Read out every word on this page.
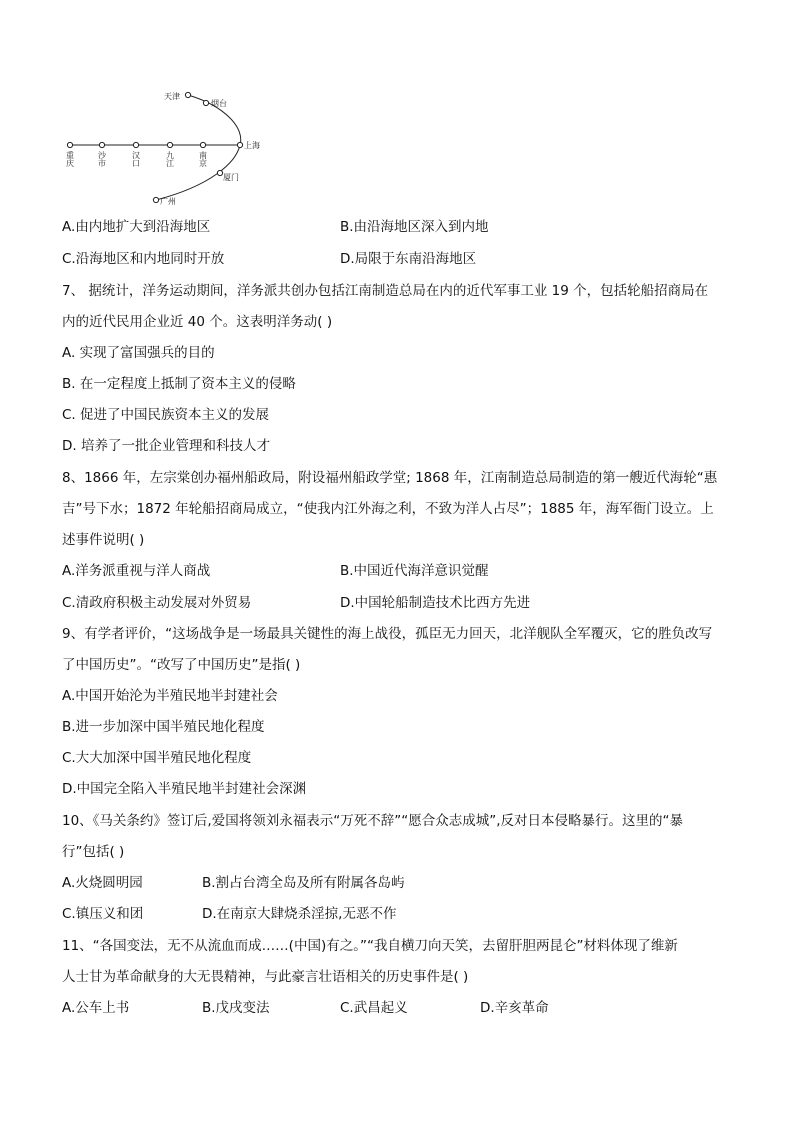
天津
烟台
上海
厦门
广州
重庆	沙市	汉口	九江	南京
A.由内地扩大到沿海地区	B.由沿海地区深入到内地
C.沿海地区和内地同时开放	D.局限于东南沿海地区
7、 据统计，洋务运动期间，洋务派共创办包括江南制造总局在内的近代军事工业 19 个，包括轮船招商局在
内的近代民用企业近 40 个。这表明洋务动( )
A. 实现了富国强兵的目的
B. 在一定程度上抵制了资本主义的侵略
C. 促进了中国民族资本主义的发展
D. 培养了一批企业管理和科技人才
8、1866 年，左宗棠创办福州船政局，附设福州船政学堂; 1868 年，江南制造总局制造的第一艘近代海轮“惠
吉”号下水；1872 年轮船招商局成立，“使我内江外海之利，不致为洋人占尽”；1885 年，海军衙门设立。上
述事件说明( )
A.洋务派重视与洋人商战	B.中国近代海洋意识觉醒
C.清政府积极主动发展对外贸易	D.中国轮船制造技术比西方先进
9、有学者评价，“这场战争是一场最具关键性的海上战役，孤臣无力回天，北洋舰队全军覆灭，它的胜负改写
了中国历史”。“改写了中国历史”是指( )
A.中国开始沦为半殖民地半封建社会
B.进一步加深中国半殖民地化程度
C.大大加深中国半殖民地化程度
D.中国完全陷入半殖民地半封建社会深渊
10、《马关条约》签订后,爱国将领刘永福表示“万死不辞”“愿合众志成城”,反对日本侵略暴行。这里的“暴
行”包括( )
A.火烧圆明园	B.割占台湾全岛及所有附属各岛屿
C.镇压义和团	D.在南京大肆烧杀淫掠,无恶不作
11、“各国变法，无不从流血而成……(中国)有之。”“我自横刀向天笑，去留肝胆两昆仑”材料体现了维新
人士甘为革命献身的大无畏精神，与此豪言壮语相关的历史事件是( )
A.公车上书	B.戊戌变法	C.武昌起义	D.辛亥革命
